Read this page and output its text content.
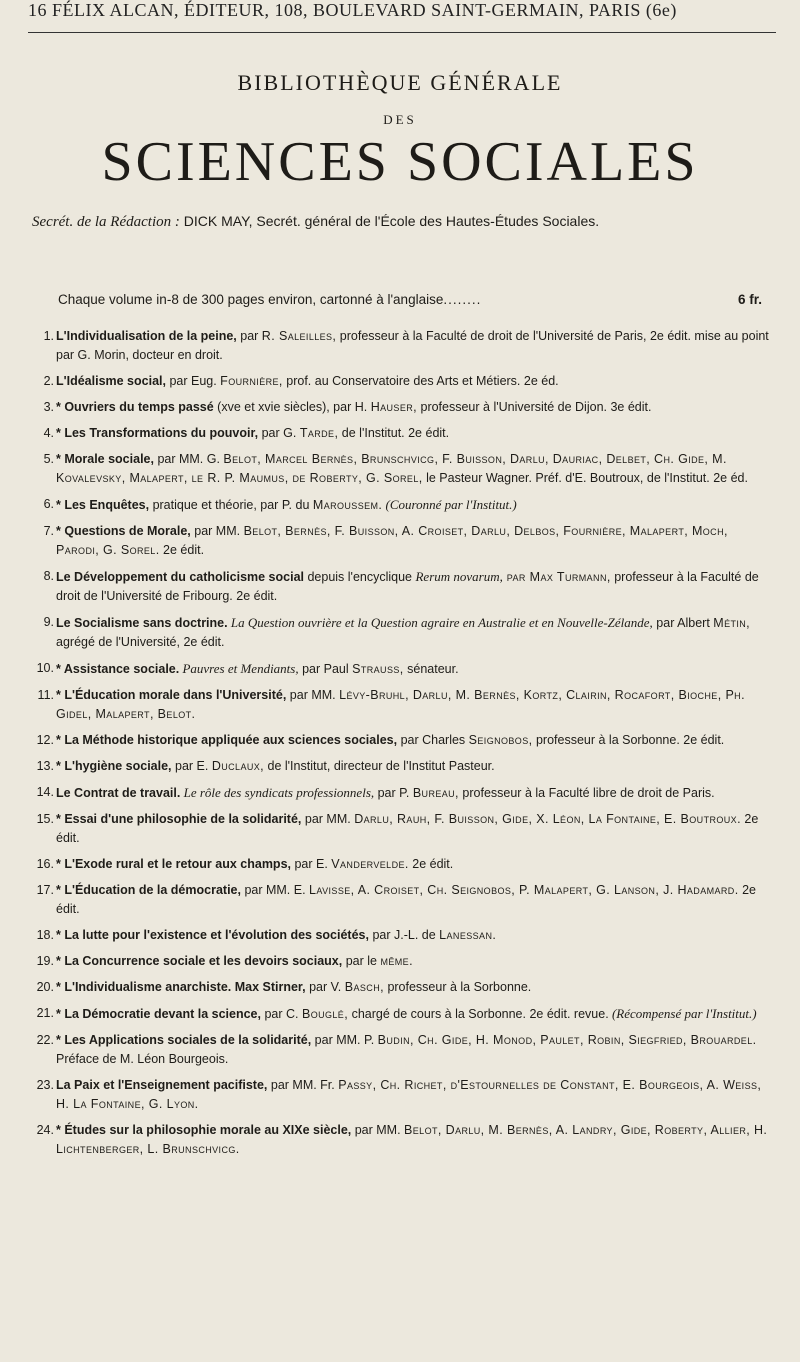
16 FÉLIX ALCAN, ÉDITEUR, 108, BOULEVARD SAINT-GERMAIN, PARIS (6e)
BIBLIOTHÈQUE GÉNÉRALE
DES
SCIENCES SOCIALES
Secrét. de la Rédaction : DICK MAY, Secrét. général de l'École des Hautes-Études Sociales.
Chaque volume in-8 de 300 pages environ, cartonné à l'anglaise........	6 fr.
1. L'Individualisation de la peine, par R. Saleilles, professeur à la Faculté de droit de l'Université de Paris, 2e édit. mise au point par G. Morin, docteur en droit.
2. L'Idéalisme social, par Eug. Fournière, prof. au Conservatoire des Arts et Métiers. 2e éd.
3. * Ouvriers du temps passé (xve et xvie siècles), par H. Hauser, professeur à l'Université de Dijon. 3e édit.
4. * Les Transformations du pouvoir, par G. Tarde, de l'Institut. 2e édit.
5. * Morale sociale, par MM. G. Belot, Marcel Bernès, Brunschvicg, F. Buisson, Darlu, Dauriac, Delbet, Ch. Gide, M. Kovalevsky, Malapert, le R. P. Maumus, de Roberty, G. Sorel, le Pasteur Wagner. Préf. d'E. Boutroux, de l'Institut. 2e éd.
6. * Les Enquêtes, pratique et théorie, par P. du Maroussem. (Couronné par l'Institut.)
7. * Questions de Morale, par MM. Belot, Bernès, F. Buisson, A. Croiset, Darlu, Delbos, Fournière, Malapert, Moch, Parodi, G. Sorel. 2e édit.
8. Le Développement du catholicisme social depuis l'encyclique Rerum novarum, par Max Turmann, professeur à la Faculté de droit de l'Université de Fribourg. 2e édit.
9. Le Socialisme sans doctrine. La Question ouvrière et la Question agraire en Australie et en Nouvelle-Zélande, par Albert Métin, agrégé de l'Université, 2e édit.
10. * Assistance sociale. Pauvres et Mendiants, par Paul Strauss, sénateur.
11. * L'Éducation morale dans l'Université, par MM. Lévy-Bruhl, Darlu, M. Bernès, Kortz, Clairin, Rocafort, Bioche, Ph. Gidel, Malapert, Belot.
12. * La Méthode historique appliquée aux sciences sociales, par Charles Seignobos, professeur à la Sorbonne. 2e édit.
13. * L'hygiène sociale, par E. Duclaux, de l'Institut, directeur de l'Institut Pasteur.
14. Le Contrat de travail. Le rôle des syndicats professionnels, par P. Bureau, professeur à la Faculté libre de droit de Paris.
15. * Essai d'une philosophie de la solidarité, par MM. Darlu, Rauh, F. Buisson, Gide, X. Léon, La Fontaine, E. Boutroux. 2e édit.
16. * L'Exode rural et le retour aux champs, par E. Vandervelde. 2e édit.
17. * L'Éducation de la démocratie, par MM. E. Lavisse, A. Croiset, Ch. Seignobos, P. Malapert, G. Lanson, J. Hadamard. 2e édit.
18. * La lutte pour l'existence et l'évolution des sociétés, par J.-L. de Lanessan.
19. * La Concurrence sociale et les devoirs sociaux, par le même.
20. * L'Individualisme anarchiste. Max Stirner, par V. Basch, professeur à la Sorbonne.
21. * La Démocratie devant la science, par C. Bouglé, chargé de cours à la Sorbonne. 2e édit. revue. (Récompensé par l'Institut.)
22. * Les Applications sociales de la solidarité, par MM. P. Budin, Ch. Gide, H. Monod, Paulet, Robin, Siegfried, Brouardel. Préface de M. Léon Bourgeois.
23. La Paix et l'Enseignement pacifiste, par MM. Fr. Passy, Ch. Richet, d'Estournelles de Constant, E. Bourgeois, A. Weiss, H. La Fontaine, G. Lyon.
24. * Études sur la philosophie morale au XIXe siècle, par MM. Belot, Darlu, M. Bernès, A. Landry, Gide, Roberty, Allier, H. Lichtenberger, L. Brunschvicg.
